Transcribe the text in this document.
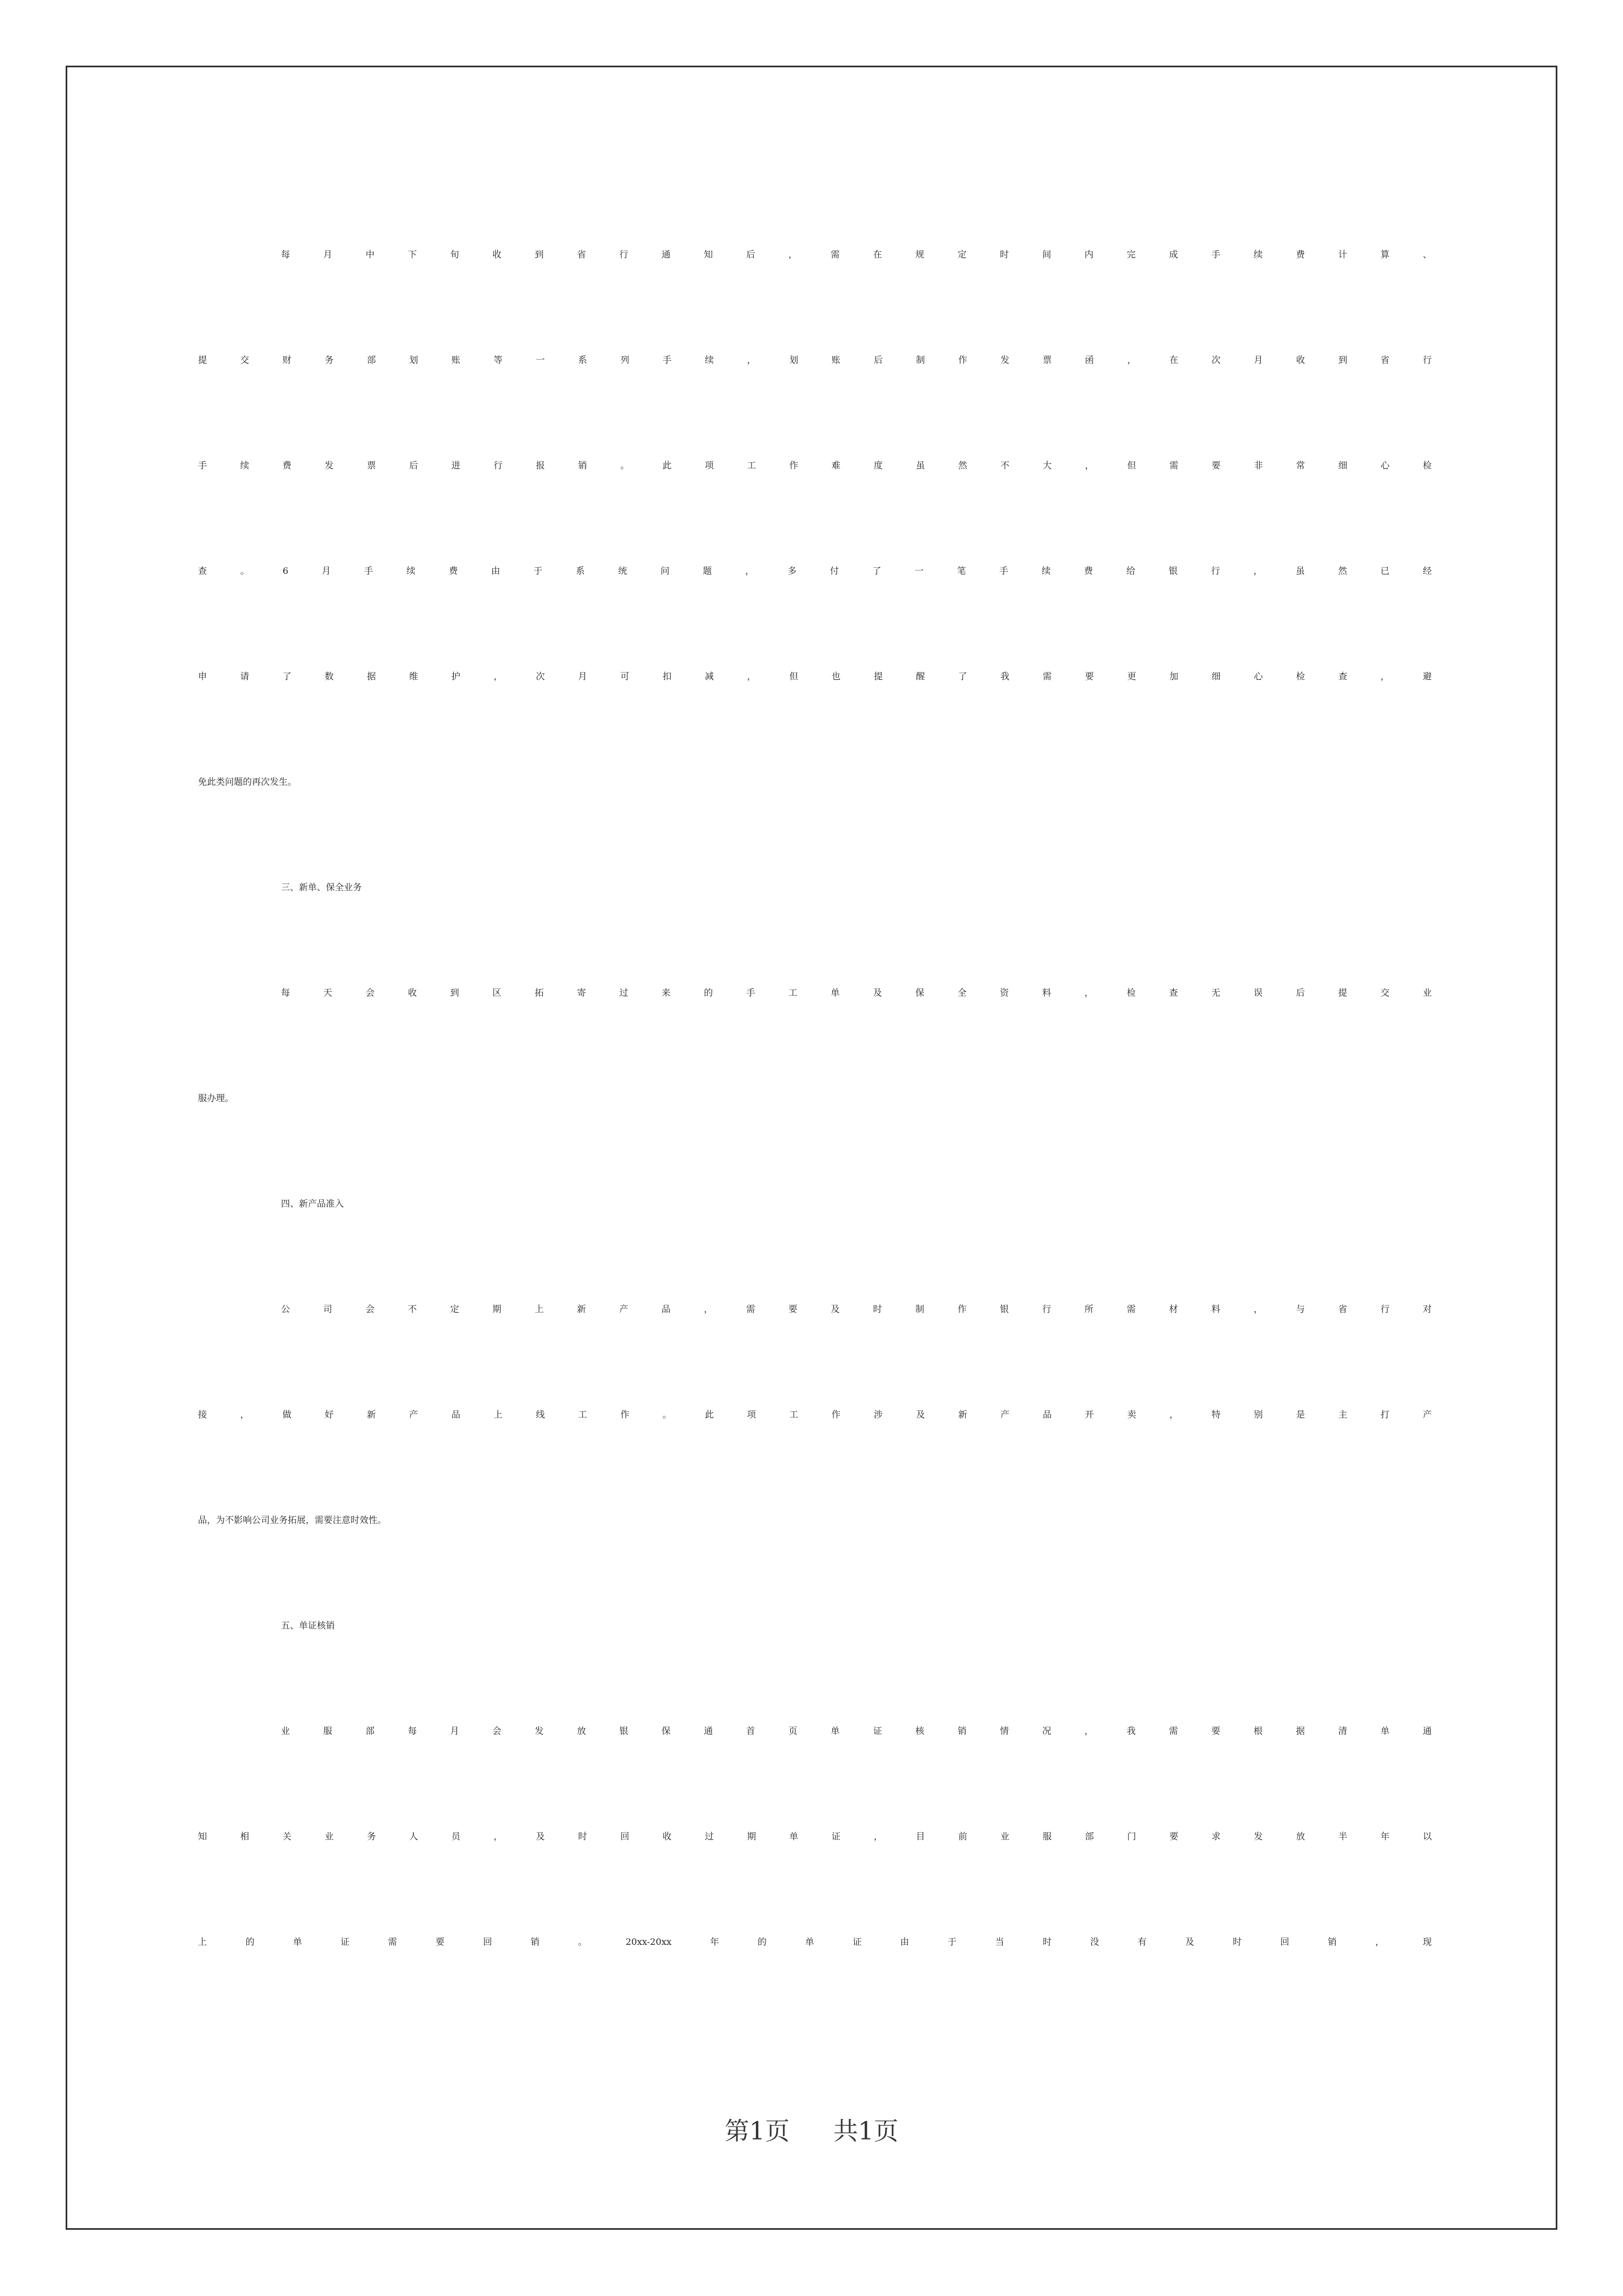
每月中下旬收到省行通知后，需在规定时间内完成手续费计算、
提交财务部划账等一系列手续，划账后制作发票函，在次月收到省行
手续费发票后进行报销。此项工作难度虽然不大，但需要非常细心检
查。6月手续费由于系统问题，多付了一笔手续费给银行，虽然已经
申请了数据维护，次月可扣减，但也提醒了我需要更加细心检查，避
免此类问题的再次发生。
三、新单、保全业务
每天会收到区拓寄过来的手工单及保全资料，检查无误后提交业
服办理。
四、新产品准入
公司会不定期上新产品，需要及时制作银行所需材料，与省行对
接，做好新产品上线工作。此项工作涉及新产品开卖，特别是主打产
品，为不影响公司业务拓展，需要注意时效性。
五、单证核销
业服部每月会发放银保通首页单证核销情况，我需要根据清单通
知相关业务人员，及时回收过期单证，目前业服部门要求发放半年以
上的单证需要回销。20xx-20xx年的单证由于当时没有及时回销，现
第1页 共1页
